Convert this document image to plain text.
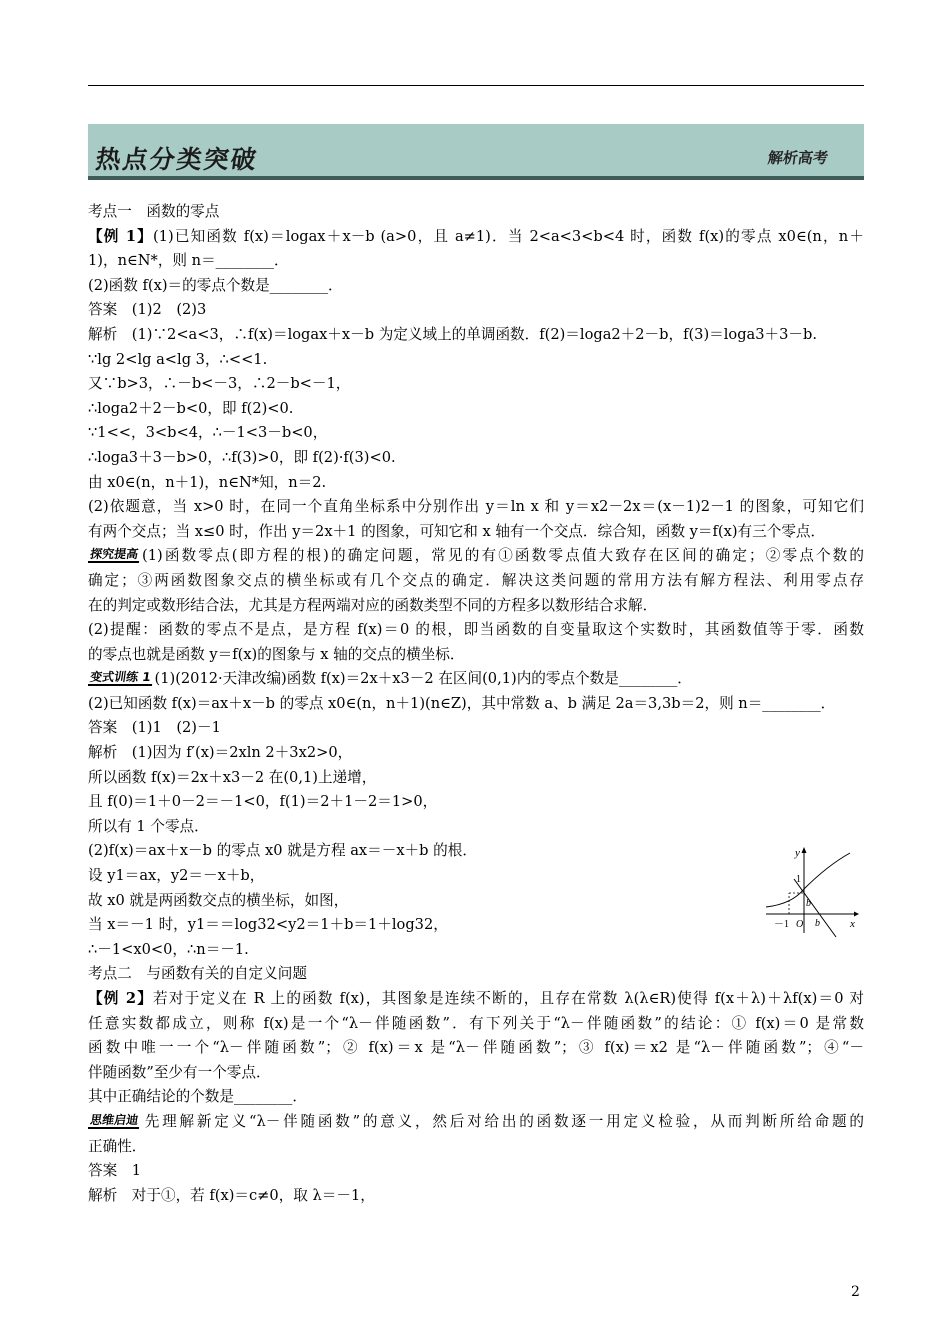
热点分类突破	解析高考
考点一　函数的零点
【例 1】(1)已知函数 f(x)＝logax＋x－b (a>0，且 a≠1)．当 2<a<3<b<4 时，函数 f(x)的零点 x0∈(n，n＋
1)，n∈N*，则 n＝________．
(2)函数 f(x)＝的零点个数是________．
答案　(1)2　(2)3
解析　(1)∵2<a<3，∴f(x)＝logax＋x－b 为定义域上的单调函数．f(2)＝loga2＋2－b，f(3)＝loga3＋3－b.
∵lg 2<lg a<lg 3，∴<<1.
又∵b>3，∴－b<－3，∴2－b<－1，
∴loga2＋2－b<0，即 f(2)<0.
∵1<<，3<b<4，∴－1<3－b<0，
∴loga3＋3－b>0，∴f(3)>0，即 f(2)·f(3)<0.
由 x0∈(n，n＋1)，n∈N*知，n＝2.
(2)依题意，当 x>0 时，在同一个直角坐标系中分别作出 y＝ln x 和 y＝x2－2x＝(x－1)2－1 的图象，可知它们
有两个交点；当 x≤0 时，作出 y＝2x＋1 的图象，可知它和 x 轴有一个交点．综合知，函数 y＝f(x)有三个零点．
探究提高 (1)函数零点(即方程的根)的确定问题，常见的有①函数零点值大致存在区间的确定；②零点个数的
确定；③两函数图象交点的横坐标或有几个交点的确定．解决这类问题的常用方法有解方程法、利用零点存
在的判定或数形结合法，尤其是方程两端对应的函数类型不同的方程多以数形结合求解．
(2)提醒：函数的零点不是点，是方程 f(x)＝0 的根，即当函数的自变量取这个实数时，其函数值等于零．函数
的零点也就是函数 y＝f(x)的图象与 x 轴的交点的横坐标．
变式训练 1 (1)(2012·天津改编)函数 f(x)＝2x＋x3－2 在区间(0,1)内的零点个数是________．
(2)已知函数 f(x)＝ax＋x－b 的零点 x0∈(n，n＋1)(n∈Z)，其中常数 a、b 满足 2a＝3,3b＝2，则 n＝________．
答案　(1)1　(2)－1
解析　(1)因为 f′(x)＝2xln 2＋3x2>0，
所以函数 f(x)＝2x＋x3－2 在(0,1)上递增，
且 f(0)＝1＋0－2＝－1<0，f(1)＝2＋1－2＝1>0，
所以有 1 个零点．
(2)f(x)＝ax＋x－b 的零点 x0 就是方程 ax＝－x＋b 的根．
设 y1＝ax，y2＝－x＋b，
故 x0 就是两函数交点的横坐标，如图，
当 x＝－1 时，y1＝＝log32<y2＝1＋b＝1＋log32，
∴－1<x0<0，∴n＝－1.
考点二　与函数有关的自定义问题
【例 2】若对于定义在 R 上的函数 f(x)，其图象是连续不断的，且存在常数 λ(λ∈R)使得 f(x＋λ)＋λf(x)＝0 对
任意实数都成立，则称 f(x)是一个“λ－伴随函数”．有下列关于“λ－伴随函数”的结论：① f(x)＝0 是常数
函数中唯一一个“λ－伴随函数”；② f(x)＝x 是“λ－伴随函数”；③ f(x)＝x2 是“λ－伴随函数”；④“－
伴随函数”至少有一个零点．
其中正确结论的个数是________．
思维启迪 先理解新定义“λ－伴随函数”的意义，然后对给出的函数逐一用定义检验，从而判断所给命题的
正确性．
答案　1
解析　对于①，若 f(x)＝c≠0，取 λ＝－1，
y
x
1
b
－1 O b
2
